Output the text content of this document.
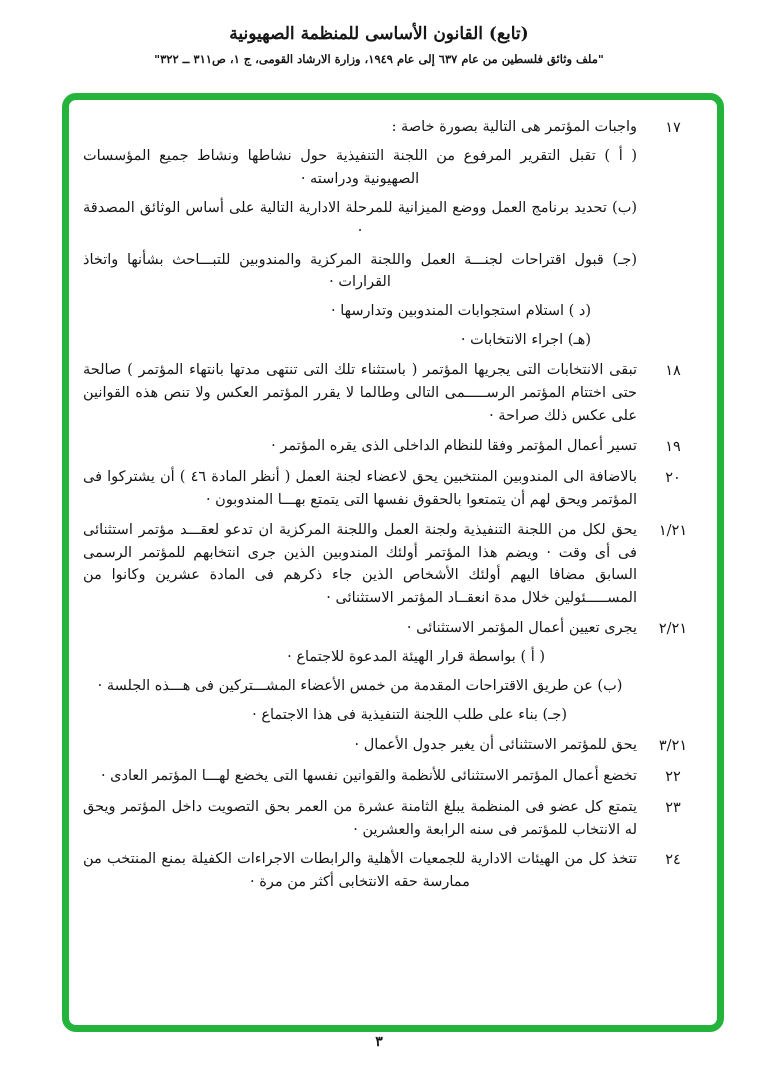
(تابع) القانون الأساسى للمنظمة الصهيونية
"ملف وثائق فلسطين من عام ٦٣٧ إلى عام ١٩٤٩، وزارة الارشاد القومى، ج ١، ص٣١١ ــ ٣٢٢"
١٧
واجبات المؤتمر هى التالية بصورة خاصة :
( أ ) تقبل التقرير المرفوع من اللجنة التنفيذية حول نشاطها ونشاط جميع المؤسسات الصهيونية ودراسته ·
(ب) تحديد برنامج العمل ووضع الميزانية للمرحلة الادارية التالية على أساس الوثائق المصدقة ·
(جـ) قبول اقتراحات لجنـــة العمل واللجنة المركزية والمندوبين للتبـــاحث بشأنها واتخاذ القرارات ·
(د ) استلام استجوابات المندوبين وتدارسها ·
(هـ) اجراء الانتخابات ·
١٨
تبقى الانتخابات التى يجريها المؤتمر ( باستثناء تلك التى تنتهى مدتها بانتهاء المؤتمر ) صالحة حتى اختتام المؤتمر الرســـــمى التالى وطالما لا يقرر المؤتمر العكس ولا تنص هذه القوانين على عكس ذلك صراحة ·
١٩
تسير أعمال المؤتمر وفقا للنظام الداخلى الذى يقره المؤتمر ·
٢٠
بالاضافة الى المندوبين المنتخبين يحق لاعضاء لجنة العمل ( أنظر المادة ٤٦ ) أن يشتركوا فى المؤتمر ويحق لهم أن يتمتعوا بالحقوق نفسها التى يتمتع بهـــا المندوبون ·
١/٢١
يحق لكل من اللجنة التنفيذية ولجنة العمل واللجنة المركزية ان تدعو لعقـــد مؤتمر استثنائى فى أى وقت · ويضم هذا المؤتمر أولئك المندوبين الذين جرى انتخابهم للمؤتمر الرسمى السابق مضافا اليهم أولئك الأشخاص الذين جاء ذكرهم فى المادة عشرين وكانوا من المســـــئولين خلال مدة انعقــاد المؤتمر الاستثنائى ·
٢/٢١
يجرى تعيين أعمال المؤتمر الاستثنائى ·
( أ ) بواسطة قرار الهيئة المدعوة للاجتماع ·
(ب) عن طريق الاقتراحات المقدمة من خمس الأعضاء المشـــتركين فى هـــذه الجلسة ·
(جـ) بناء على طلب اللجنة التنفيذية فى هذا الاجتماع ·
٣/٢١
يحق للمؤتمر الاستثنائى أن يغير جدول الأعمال ·
٢٢
تخضع أعمال المؤتمر الاستثنائى للأنظمة والقوانين نفسها التى يخضع لهـــا المؤتمر العادى ·
٢٣
يتمتع كل عضو فى المنظمة يبلغ الثامنة عشرة من العمر بحق التصويت داخل المؤتمر ويحق له الانتخاب للمؤتمر فى سنه الرابعة والعشرين ·
٢٤
تتخذ كل من الهيئات الادارية للجمعيات الأهلية والرابطات الاجراءات الكفيلة بمنع المنتخب من ممارسة حقه الانتخابى أكثر من مرة ·
٣
